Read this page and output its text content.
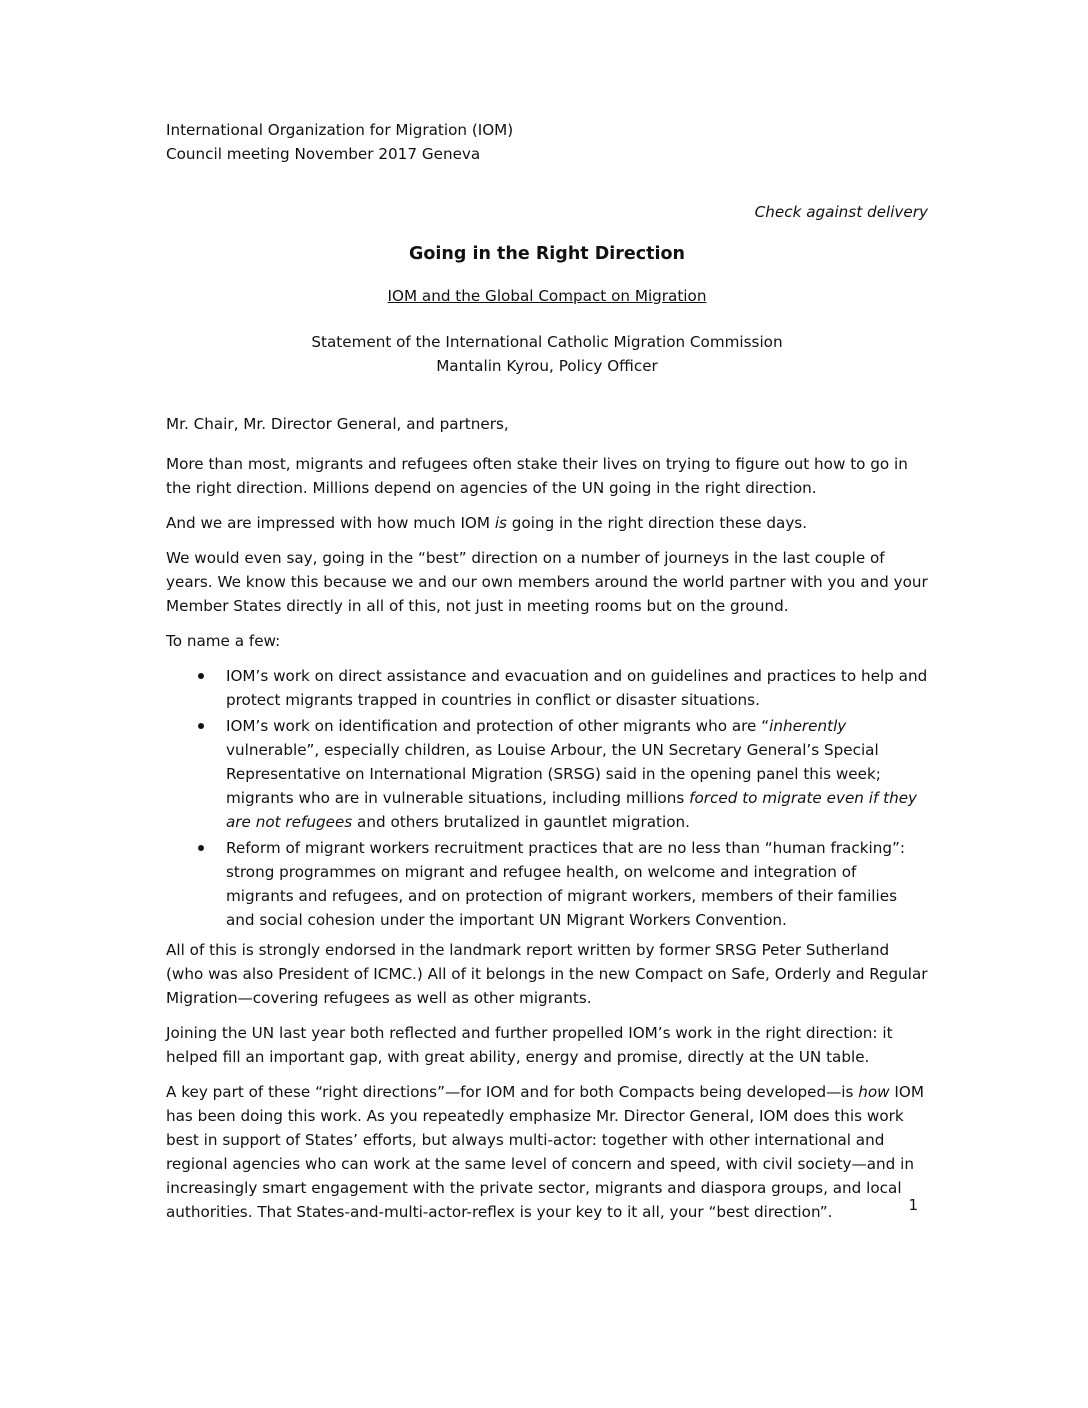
International Organization for Migration (IOM)

Council meeting November 2017 Geneva

Check against delivery

Going in the Right Direction

IOM and the Global Compact on Migration

Statement of the International Catholic Migration Commission

Mantalin Kyrou, Policy Officer

Mr. Chair, Mr. Director General, and partners,

More than most, migrants and refugees often stake their lives on trying to figure out how to go in the right direction. Millions depend on agencies of the UN going in the right direction.

And we are impressed with how much IOM is going in the right direction these days.

We would even say, going in the “best” direction on a number of journeys in the last couple of years. We know this because we and our own members around the world partner with you and your Member States directly in all of this, not just in meeting rooms but on the ground.

To name a few:

IOM’s work on direct assistance and evacuation and on guidelines and practices to help and protect migrants trapped in countries in conflict or disaster situations.
IOM’s work on identification and protection of other migrants who are “inherently vulnerable”, especially children, as Louise Arbour, the UN Secretary General’s Special Representative on International Migration (SRSG) said in the opening panel this week; migrants who are in vulnerable situations, including millions forced to migrate even if they are not refugees and others brutalized in gauntlet migration.
Reform of migrant workers recruitment practices that are no less than “human fracking”: strong programmes on migrant and refugee health, on welcome and integration of migrants and refugees, and on protection of migrant workers, members of their families and social cohesion under the important UN Migrant Workers Convention.

All of this is strongly endorsed in the landmark report written by former SRSG Peter Sutherland (who was also President of ICMC.) All of it belongs in the new Compact on Safe, Orderly and Regular Migration—covering refugees as well as other migrants.

Joining the UN last year both reflected and further propelled IOM’s work in the right direction: it helped fill an important gap, with great ability, energy and promise, directly at the UN table.

A key part of these “right directions”—for IOM and for both Compacts being developed—is how IOM has been doing this work. As you repeatedly emphasize Mr. Director General, IOM does this work best in support of States’ efforts, but always multi-actor: together with other international and regional agencies who can work at the same level of concern and speed, with civil society—and in increasingly smart engagement with the private sector, migrants and diaspora groups, and local authorities. That States-and-multi-actor-reflex is your key to it all, your “best direction”.	1
